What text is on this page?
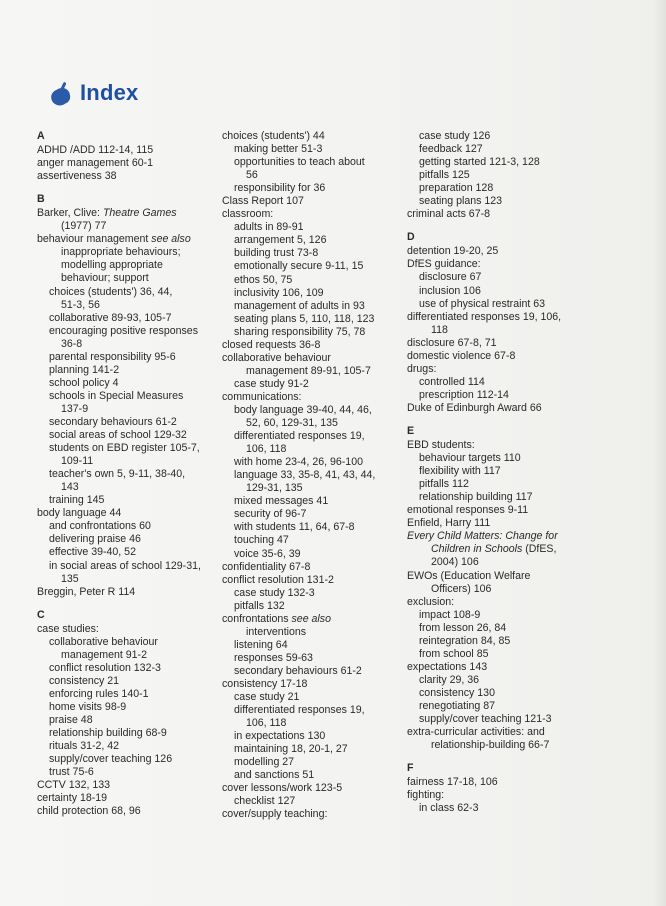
Index
A
ADHD /ADD 112-14, 115
anger management 60-1
assertiveness 38
B
Barker, Clive: Theatre Games
(1977) 77
behaviour management see also
inappropriate behaviours;
modelling appropriate
behaviour; support
choices (students') 36, 44,
51-3, 56
collaborative 89-93, 105-7
encouraging positive responses
36-8
parental responsibility 95-6
planning 141-2
school policy 4
schools in Special Measures
137-9
secondary behaviours 61-2
social areas of school 129-32
students on EBD register 105-7,
109-11
teacher's own 5, 9-11, 38-40,
143
training 145
body language 44
and confrontations 60
delivering praise 46
effective 39-40, 52
in social areas of school 129-31,
135
Breggin, Peter R 114
C
case studies:
collaborative behaviour
management 91-2
conflict resolution 132-3
consistency 21
enforcing rules 140-1
home visits 98-9
praise 48
relationship building 68-9
rituals 31-2, 42
supply/cover teaching 126
trust 75-6
CCTV 132, 133
certainty 18-19
child protection 68, 96
choices (students') 44
making better 51-3
opportunities to teach about
56
responsibility for 36
Class Report 107
classroom:
adults in 89-91
arrangement 5, 126
building trust 73-8
emotionally secure 9-11, 15
ethos 50, 75
inclusivity 106, 109
management of adults in 93
seating plans 5, 110, 118, 123
sharing responsibility 75, 78
closed requests 36-8
collaborative behaviour
management 89-91, 105-7
case study 91-2
communications:
body language 39-40, 44, 46,
52, 60, 129-31, 135
differentiated responses 19,
106, 118
with home 23-4, 26, 96-100
language 33, 35-8, 41, 43, 44,
129-31, 135
mixed messages 41
security of 96-7
with students 11, 64, 67-8
touching 47
voice 35-6, 39
confidentiality 67-8
conflict resolution 131-2
case study 132-3
pitfalls 132
confrontations see also
interventions
listening 64
responses 59-63
secondary behaviours 61-2
consistency 17-18
case study 21
differentiated responses 19,
106, 118
in expectations 130
maintaining 18, 20-1, 27
modelling 27
and sanctions 51
cover lessons/work 123-5
checklist 127
cover/supply teaching:
case study 126
feedback 127
getting started 121-3, 128
pitfalls 125
preparation 128
seating plans 123
criminal acts 67-8
D
detention 19-20, 25
DfES guidance:
disclosure 67
inclusion 106
use of physical restraint 63
differentiated responses 19, 106,
118
disclosure 67-8, 71
domestic violence 67-8
drugs:
controlled 114
prescription 112-14
Duke of Edinburgh Award 66
E
EBD students:
behaviour targets 110
flexibility with 117
pitfalls 112
relationship building 117
emotional responses 9-11
Enfield, Harry 111
Every Child Matters: Change for
Children in Schools (DfES,
2004) 106
EWOs (Education Welfare
Officers) 106
exclusion:
impact 108-9
from lesson 26, 84
reintegration 84, 85
from school 85
expectations 143
clarity 29, 36
consistency 130
renegotiating 87
supply/cover teaching 121-3
extra-curricular activities: and
relationship-building 66-7
F
fairness 17-18, 106
fighting:
in class 62-3
